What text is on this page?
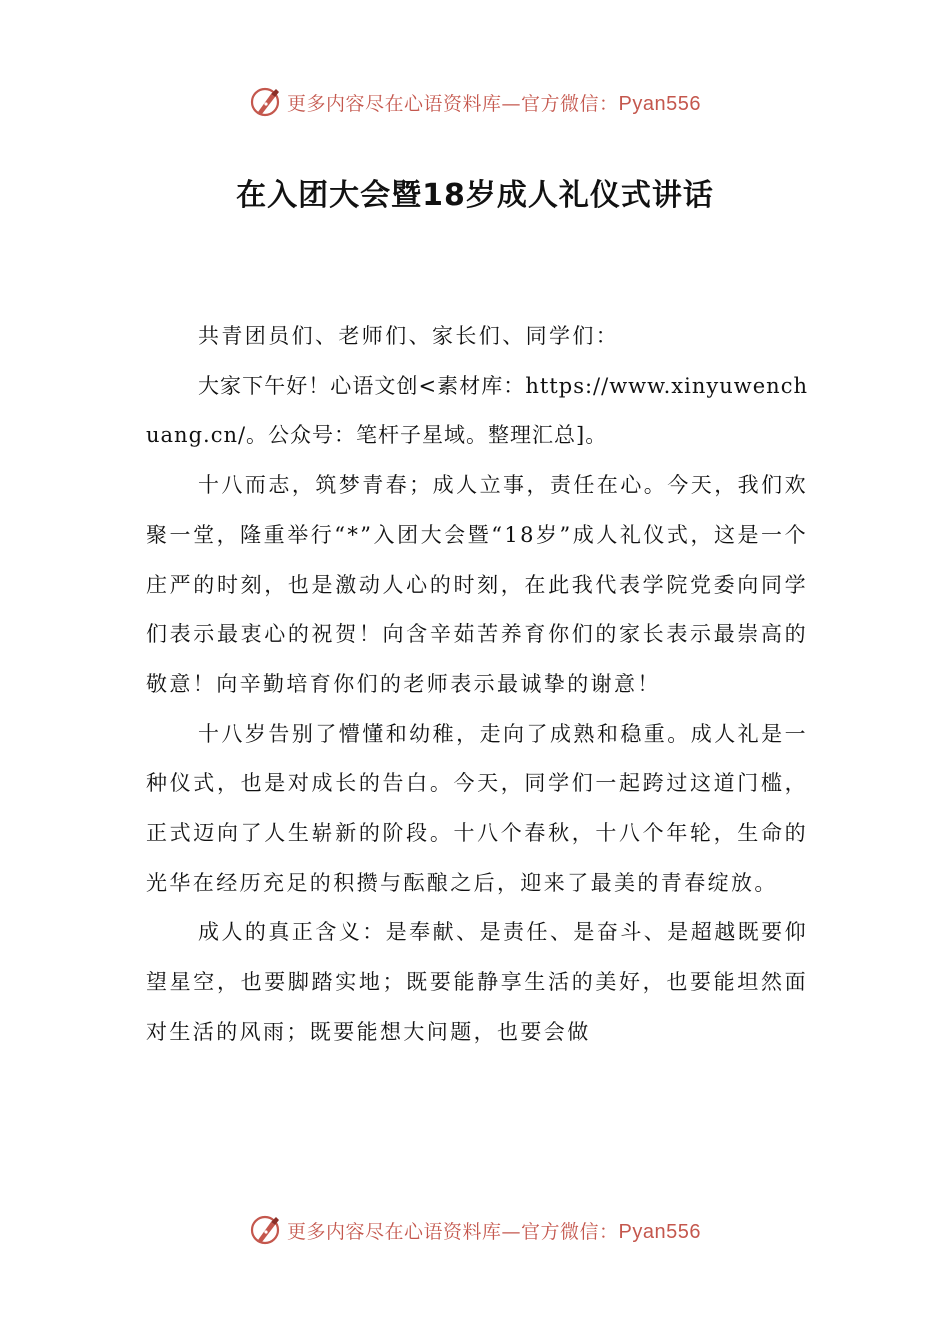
更多内容尽在心语资料库—官方微信：Pyan556
在入团大会暨18岁成人礼仪式讲话

共青团员们、老师们、家长们、同学们：

大家下午好！心语文创<素材库：https://www.xinyuwenchuang.cn/。公众号：笔杆子星域。整理汇总]。

十八而志，筑梦青春；成人立事，责任在心。今天，我们欢聚一堂，隆重举行“*”入团大会暨“18岁”成人礼仪式，这是一个庄严的时刻，也是激动人心的时刻，在此我代表学院党委向同学们表示最衷心的祝贺！向含辛茹苦养育你们的家长表示最崇高的敬意！向辛勤培育你们的老师表示最诚挚的谢意！

十八岁告别了懵懂和幼稚，走向了成熟和稳重。成人礼是一种仪式，也是对成长的告白。今天，同学们一起跨过这道门槛，正式迈向了人生崭新的阶段。十八个春秋，十八个年轮，生命的光华在经历充足的积攒与酝酿之后，迎来了最美的青春绽放。

成人的真正含义：是奉献、是责任、是奋斗、是超越既要仰望星空，也要脚踏实地；既要能静享生活的美好，也要能坦然面对生活的风雨；既要能想大问题，也要会做

更多内容尽在心语资料库—官方微信：Pyan556
